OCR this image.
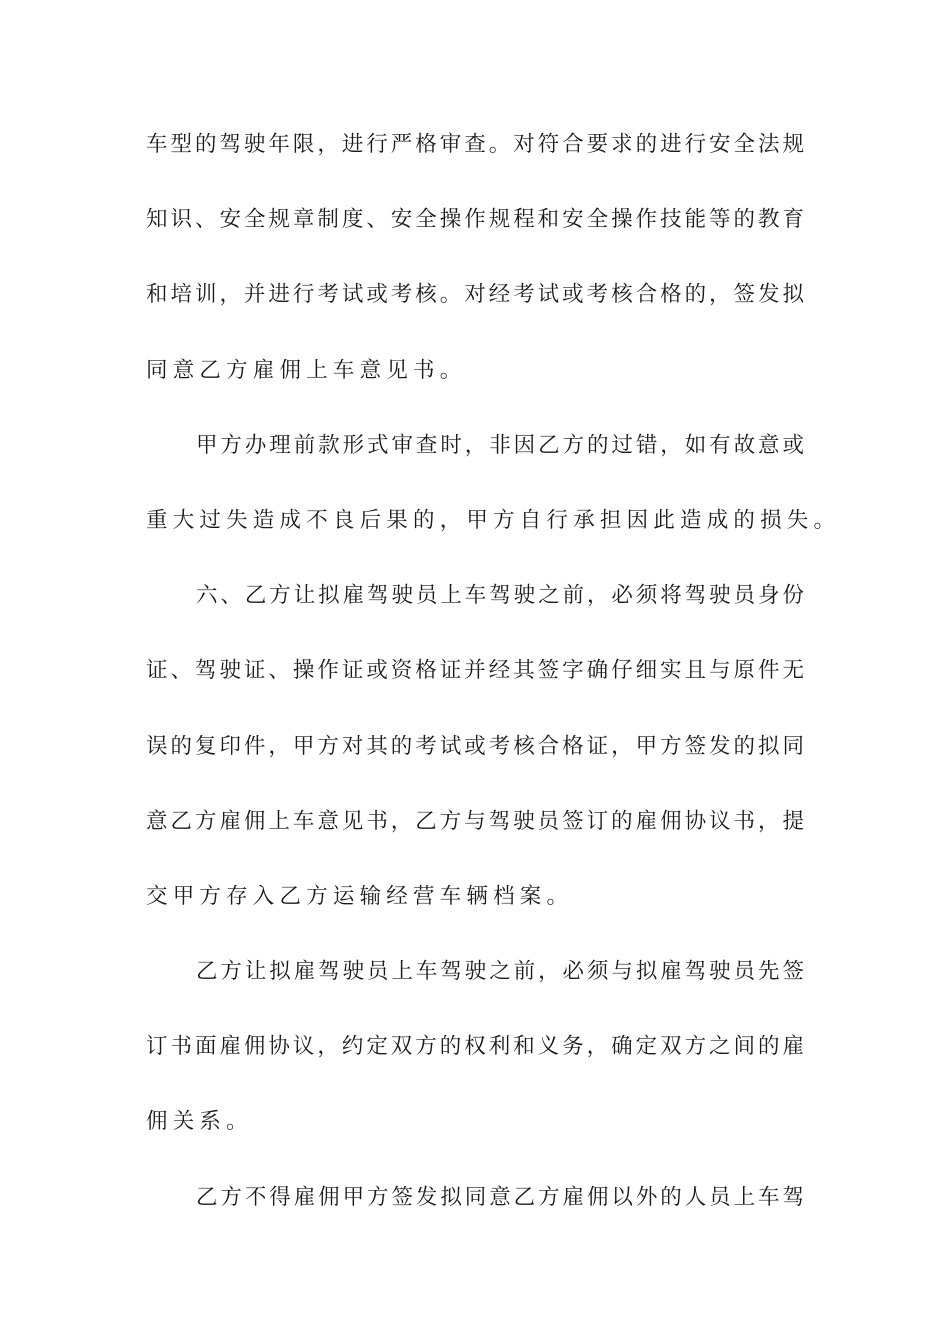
车型的驾驶年限，进行严格审查。对符合要求的进行安全法规
知识、安全规章制度、安全操作规程和安全操作技能等的教育
和培训，并进行考试或考核。对经考试或考核合格的，签发拟
同意乙方雇佣上车意见书。
甲方办理前款形式审查时，非因乙方的过错，如有故意或
重大过失造成不良后果的，甲方自行承担因此造成的损失。
六、乙方让拟雇驾驶员上车驾驶之前，必须将驾驶员身份
证、驾驶证、操作证或资格证并经其签字确仔细实且与原件无
误的复印件，甲方对其的考试或考核合格证，甲方签发的拟同
意乙方雇佣上车意见书，乙方与驾驶员签订的雇佣协议书，提
交甲方存入乙方运输经营车辆档案。
乙方让拟雇驾驶员上车驾驶之前，必须与拟雇驾驶员先签
订书面雇佣协议，约定双方的权利和义务，确定双方之间的雇
佣关系。
乙方不得雇佣甲方签发拟同意乙方雇佣以外的人员上车驾
